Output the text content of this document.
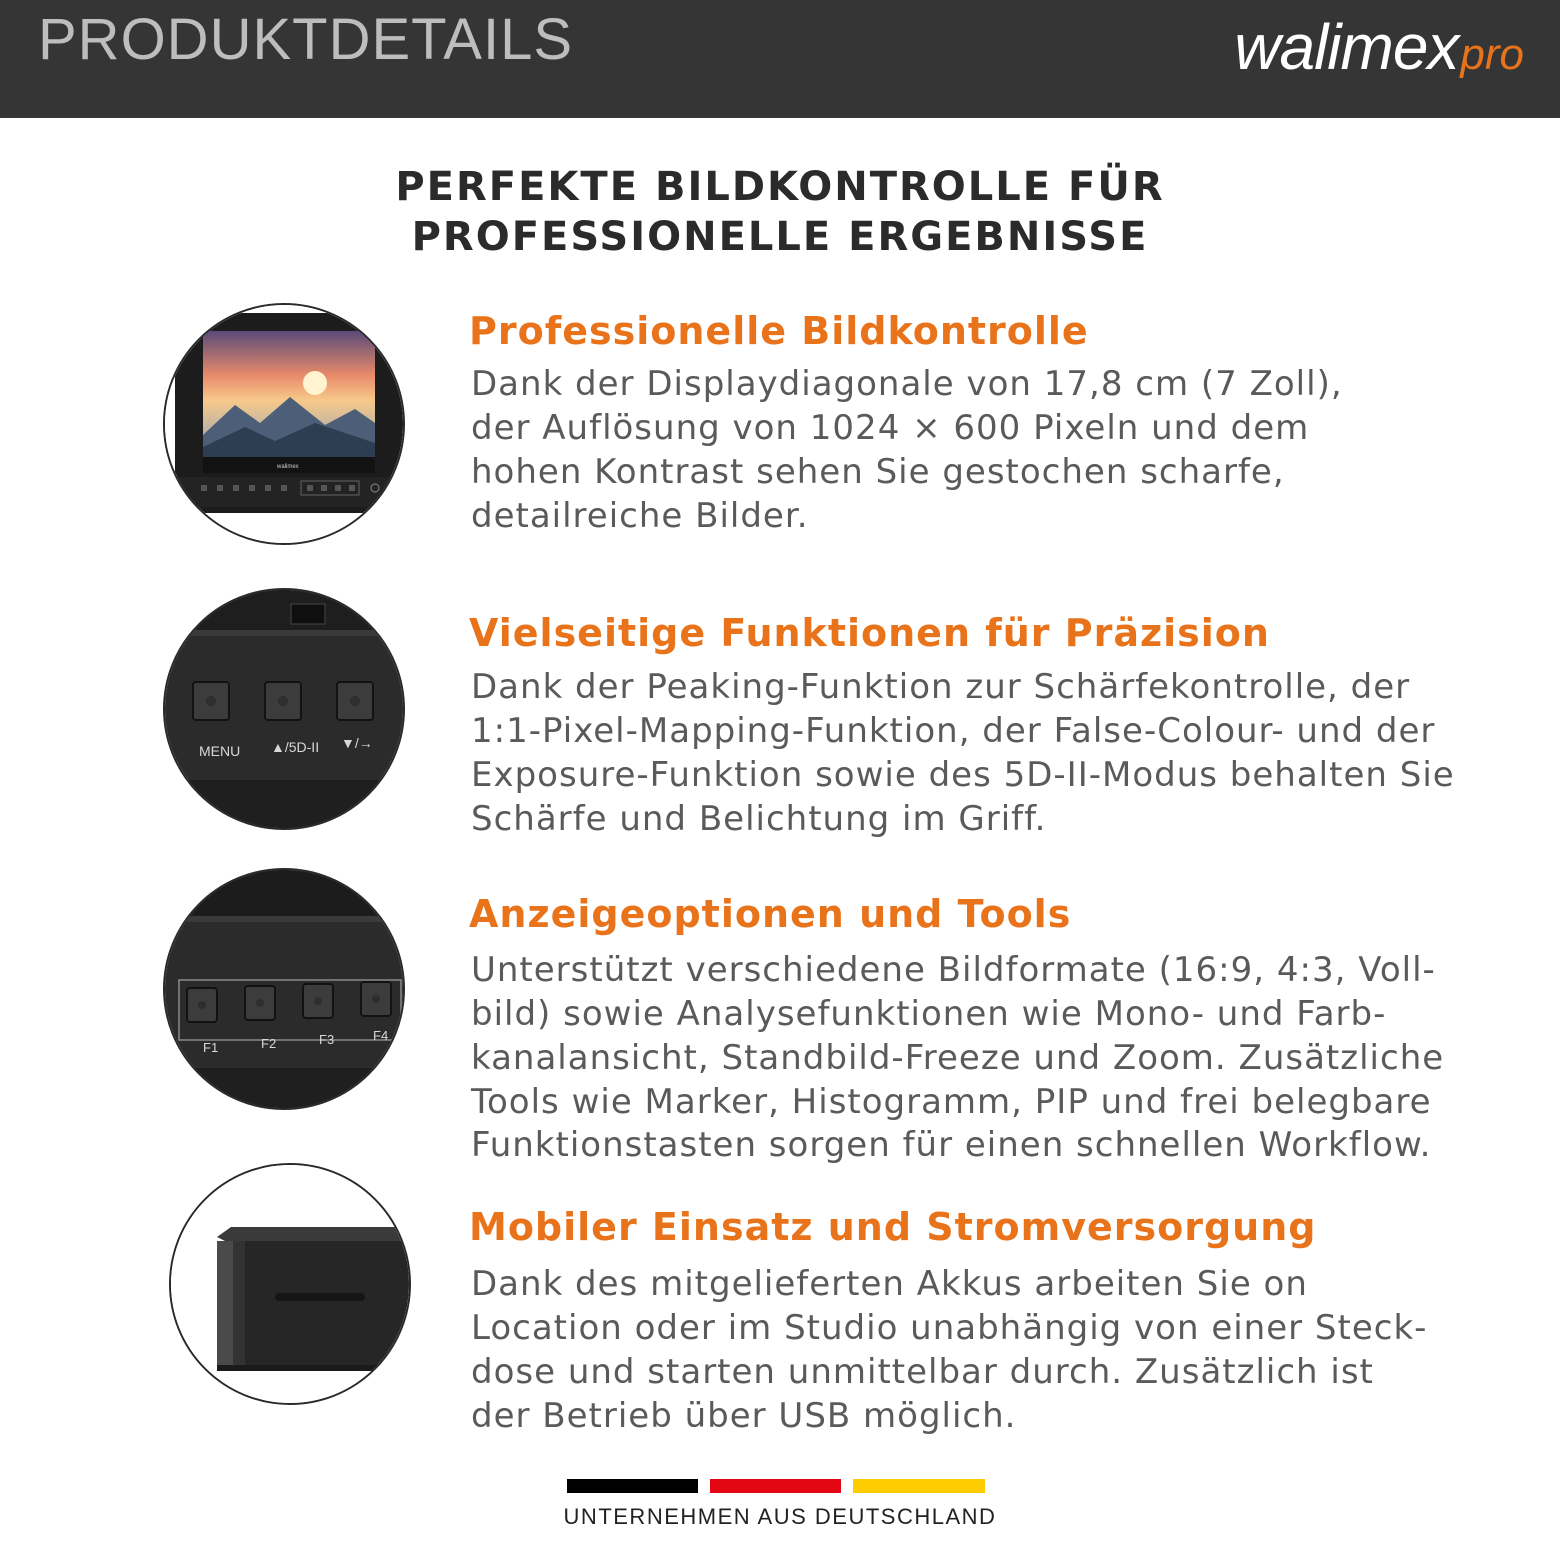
PRODUKTDETAILS	walimexpro
PERFEKTE BILDKONTROLLE FÜR
PROFESSIONELLE ERGEBNISSE
walimex
Professionelle Bildkontrolle
Dank der Displaydiagonale von 17,8 cm (7 Zoll),
der Auflösung von 1024 × 600 Pixeln und dem
hohen Kontrast sehen Sie gestochen scharfe,
detailreiche Bilder.
MENU ▲/5D-II ▼/→
Vielseitige Funktionen für Präzision
Dank der Peaking-Funktion zur Schärfekontrolle, der
1:1-Pixel-Mapping-Funktion, der False-Colour- und der
Exposure-Funktion sowie des 5D-II-Modus behalten Sie
Schärfe und Belichtung im Griff.
F1	F2	F3	F4
Anzeigeoptionen und Tools
Unterstützt verschiedene Bildformate (16:9, 4:3, Voll-
bild) sowie Analysefunktionen wie Mono- und Farb-
kanalansicht, Standbild-Freeze und Zoom. Zusätzliche
Tools wie Marker, Histogramm, PIP und frei belegbare
Funktionstasten sorgen für einen schnellen Workflow.
Mobiler Einsatz und Stromversorgung
Dank des mitgelieferten Akkus arbeiten Sie on
Location oder im Studio unabhängig von einer Steck-
dose und starten unmittelbar durch. Zusätzlich ist
der Betrieb über USB möglich.
UNTERNEHMEN AUS DEUTSCHLAND
